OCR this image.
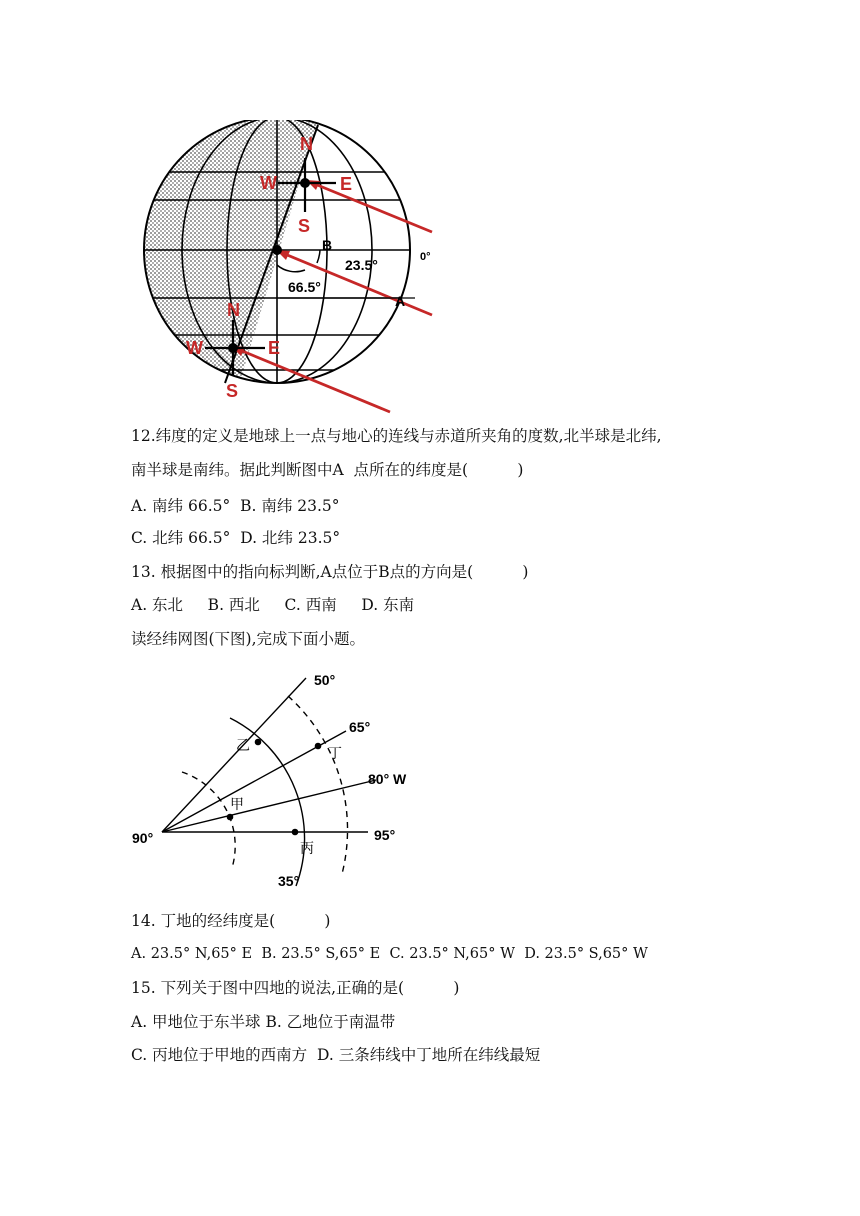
N
W	E
S
N
W	E
S
B
A
23.5°
66.5°
0°
12.纬度的定义是地球上一点与地心的连线与赤道所夹角的度数,北半球是北纬,
南半球是南纬。据此判断图中A  点所在的纬度是(          )
A. 南纬 66.5°  B. 南纬 23.5°
C. 北纬 66.5°  D. 北纬 23.5°
13. 根据图中的指向标判断,A点位于B点的方向是(          )
A. 东北     B. 西北     C. 西南     D. 东南
读经纬网图(下图),完成下面小题。
50°
65°
80° W
95°
90°
35°
乙	丁
甲
丙
14. 丁地的经纬度是(          )
A. 23.5° N,65° E  B. 23.5° S,65° E  C. 23.5° N,65° W  D. 23.5° S,65° W
15. 下列关于图中四地的说法,正确的是(          )
A. 甲地位于东半球 B. 乙地位于南温带
C. 丙地位于甲地的西南方  D. 三条纬线中丁地所在纬线最短
